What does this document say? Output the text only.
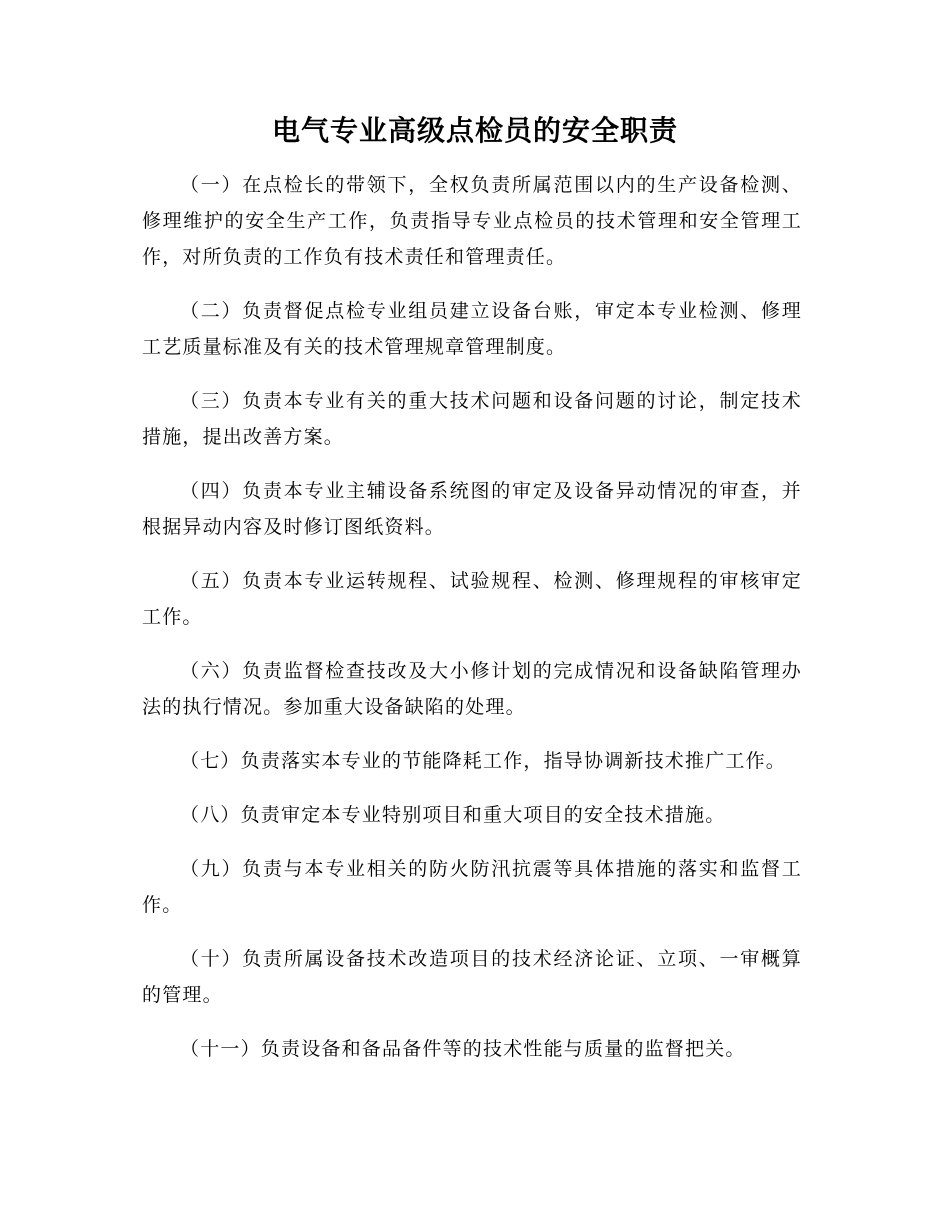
电气专业高级点检员的安全职责

（一）在点检长的带领下，全权负责所属范围以内的生产设备检测、修理维护的安全生产工作，负责指导专业点检员的技术管理和安全管理工作，对所负责的工作负有技术责任和管理责任。

（二）负责督促点检专业组员建立设备台账，审定本专业检测、修理工艺质量标准及有关的技术管理规章管理制度。

（三）负责本专业有关的重大技术问题和设备问题的讨论，制定技术措施，提出改善方案。

（四）负责本专业主辅设备系统图的审定及设备异动情况的审查，并根据异动内容及时修订图纸资料。

（五）负责本专业运转规程、试验规程、检测、修理规程的审核审定工作。

（六）负责监督检查技改及大小修计划的完成情况和设备缺陷管理办法的执行情况。参加重大设备缺陷的处理。

（七）负责落实本专业的节能降耗工作，指导协调新技术推广工作。

（八）负责审定本专业特别项目和重大项目的安全技术措施。

（九）负责与本专业相关的防火防汛抗震等具体措施的落实和监督工作。

（十）负责所属设备技术改造项目的技术经济论证、立项、一审概算的管理。

（十一）负责设备和备品备件等的技术性能与质量的监督把关。
